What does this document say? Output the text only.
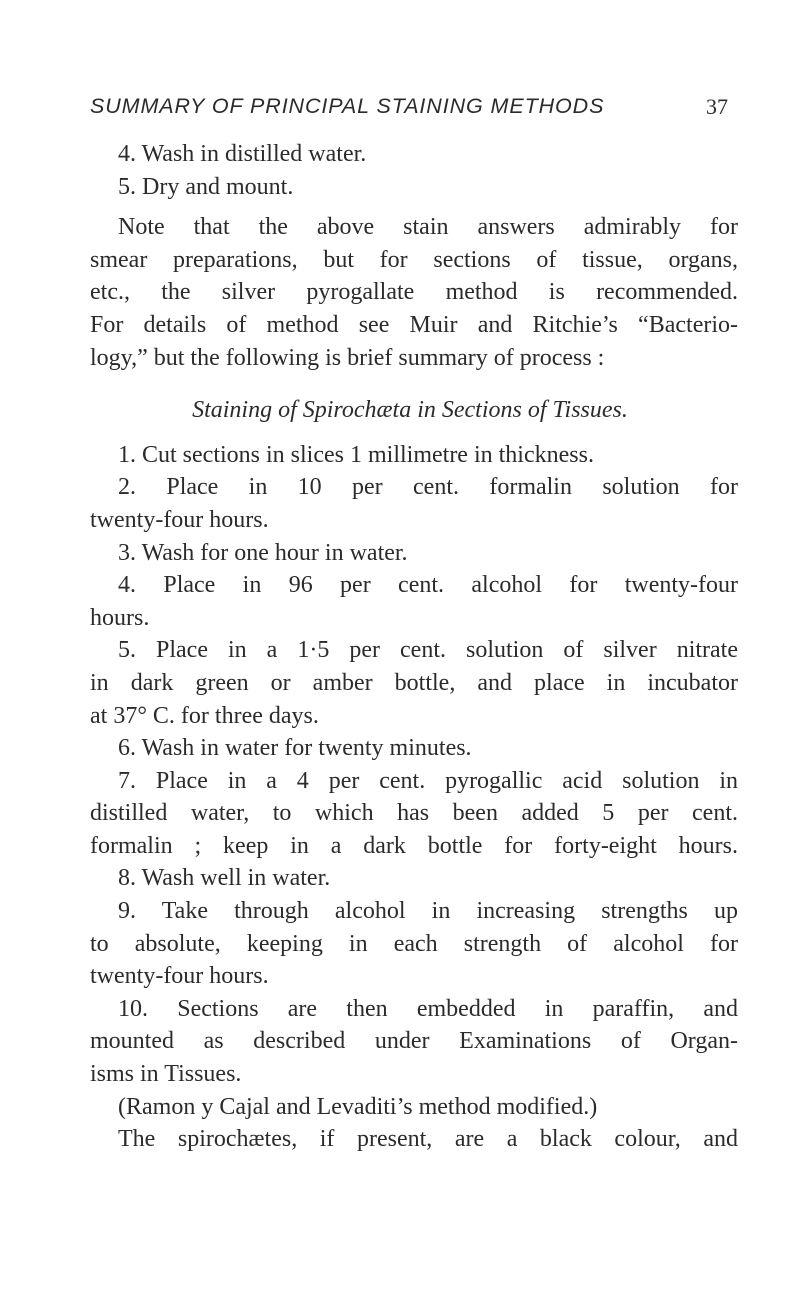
SUMMARY OF PRINCIPAL STAINING METHODS	37
4. Wash in distilled water.
5. Dry and mount.
Note that the above stain answers admirably for
smear preparations, but for sections of tissue, organs,
etc., the silver pyrogallate method is recommended.
For details of method see Muir and Ritchie’s “Bacterio-
logy,” but the following is brief summary of process :
Staining of Spirochæta in Sections of Tissues.
1. Cut sections in slices 1 millimetre in thickness.
2. Place in 10 per cent. formalin solution for
twenty-four hours.
3. Wash for one hour in water.
4. Place in 96 per cent. alcohol for twenty-four
hours.
5. Place in a 1·5 per cent. solution of silver nitrate
in dark green or amber bottle, and place in incubator
at 37° C. for three days.
6. Wash in water for twenty minutes.
7. Place in a 4 per cent. pyrogallic acid solution in
distilled water, to which has been added 5 per cent.
formalin ; keep in a dark bottle for forty-eight hours.
8. Wash well in water.
9. Take through alcohol in increasing strengths up
to absolute, keeping in each strength of alcohol for
twenty-four hours.
10. Sections are then embedded in paraffin, and
mounted as described under Examinations of Organ-
isms in Tissues.
(Ramon y Cajal and Levaditi’s method modified.)
The spirochætes, if present, are a black colour, and
